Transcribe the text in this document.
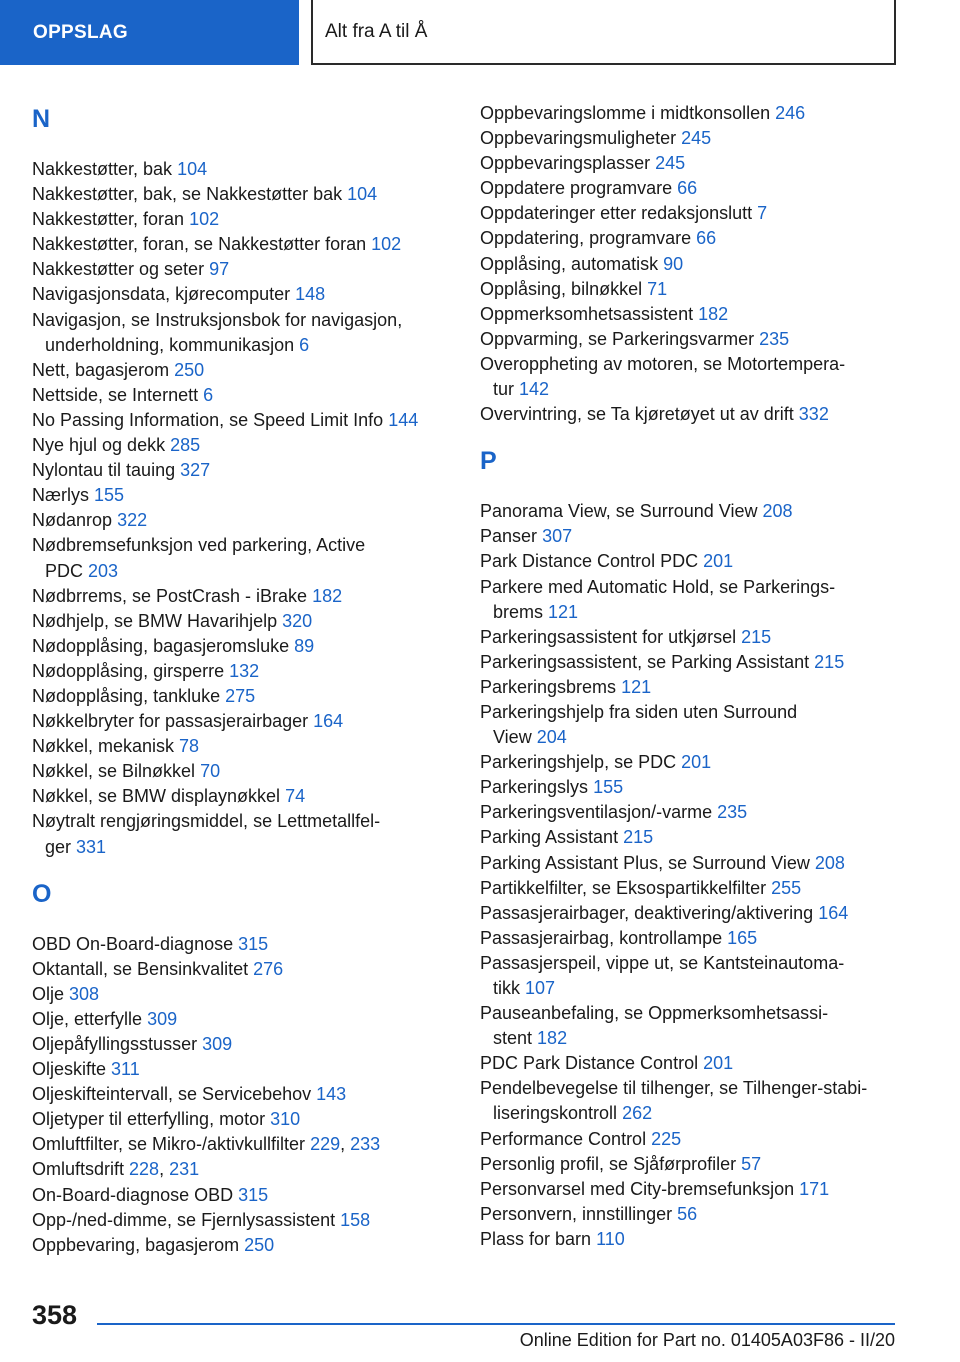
OPPSLAG	Alt fra A til Å
N
Nakkestøtter, bak 104
Nakkestøtter, bak, se Nakkestøtter bak 104
Nakkestøtter, foran 102
Nakkestøtter, foran, se Nakkestøtter foran 102
Nakkestøtter og seter 97
Navigasjonsdata, kjørecomputer 148
Navigasjon, se Instruksjonsbok for navigasjon,
underholdning, kommunikasjon 6
Nett, bagasjerom 250
Nettside, se Internett 6
No Passing Information, se Speed Limit Info 144
Nye hjul og dekk 285
Nylontau til tauing 327
Nærlys 155
Nødanrop 322
Nødbremsefunksjon ved parkering, Active
PDC 203
Nødbrrems, se PostCrash - iBrake 182
Nødhjelp, se BMW Havarihjelp 320
Nødopplåsing, bagasjeromsluke 89
Nødopplåsing, girsperre 132
Nødopplåsing, tankluke 275
Nøkkelbryter for passasjerairbager 164
Nøkkel, mekanisk 78
Nøkkel, se Bilnøkkel 70
Nøkkel, se BMW displaynøkkel 74
Nøytralt rengjøringsmiddel, se Lettmetallfel-
ger 331
O
OBD On-Board-diagnose 315
Oktantall, se Bensinkvalitet 276
Olje 308
Olje, etterfylle 309
Oljepåfyllingsstusser 309
Oljeskifte 311
Oljeskifteintervall, se Servicebehov 143
Oljetyper til etterfylling, motor 310
Omluftfilter, se Mikro-/aktivkullfilter 229, 233
Omluftsdrift 228, 231
On-Board-diagnose OBD 315
Opp-/ned-dimme, se Fjernlysassistent 158
Oppbevaring, bagasjerom 250
Oppbevaringslomme i midtkonsollen 246
Oppbevaringsmuligheter 245
Oppbevaringsplasser 245
Oppdatere programvare 66
Oppdateringer etter redaksjonslutt 7
Oppdatering, programvare 66
Opplåsing, automatisk 90
Opplåsing, bilnøkkel 71
Oppmerksomhetsassistent 182
Oppvarming, se Parkeringsvarmer 235
Overoppheting av motoren, se Motortempera-
tur 142
Overvintring, se Ta kjøretøyet ut av drift 332
P
Panorama View, se Surround View 208
Panser 307
Park Distance Control PDC 201
Parkere med Automatic Hold, se Parkerings-
brems 121
Parkeringsassistent for utkjørsel 215
Parkeringsassistent, se Parking Assistant 215
Parkeringsbrems 121
Parkeringshjelp fra siden uten Surround
View 204
Parkeringshjelp, se PDC 201
Parkeringslys 155
Parkeringsventilasjon/-varme 235
Parking Assistant 215
Parking Assistant Plus, se Surround View 208
Partikkelfilter, se Eksospartikkelfilter 255
Passasjerairbager, deaktivering/aktivering 164
Passasjerairbag, kontrollampe 165
Passasjerspeil, vippe ut, se Kantsteinautoma-
tikk 107
Pauseanbefaling, se Oppmerksomhetsassi-
stent 182
PDC Park Distance Control 201
Pendelbevegelse til tilhenger, se Tilhenger-stabi-
liseringskontroll 262
Performance Control 225
Personlig profil, se Sjåførprofiler 57
Personvarsel med City-bremsefunksjon 171
Personvern, innstillinger 56
Plass for barn 110
358
Online Edition for Part no. 01405A03F86 - II/20
